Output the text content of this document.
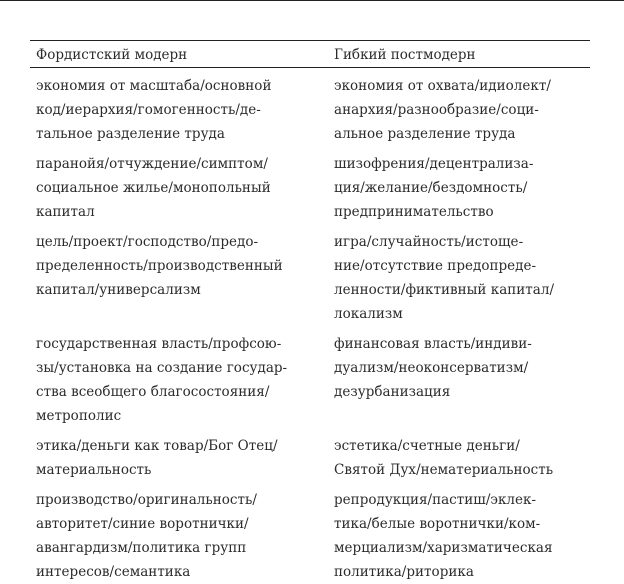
Фордистский модерн	Гибкий постмодерн
экономия от масштаба/основной
код/иерархия/гомогенность/де-
тальное разделение труда
экономия от охвата/идиолект/
анархия/разнообразие/соци-
альное разделение труда
паранойя/отчуждение/симптом/
социальное жилье/монопольный
капитал
шизофрения/децентрализа-
ция/желание/бездомность/
предпринимательство
цель/проект/господство/предо-
пределенность/производственный
капитал/универсализм
игра/случайность/истоще-
ние/отсутствие предопреде-
ленности/фиктивный капитал/
локализм
государственная власть/профсою-
зы/установка на создание государ-
ства всеобщего благосостояния/
метрополис
финансовая власть/индиви-
дуализм/неоконсерватизм/
дезурбанизация
этика/деньги как товар/Бог Отец/
материальность
эстетика/счетные деньги/
Святой Дух/нематериальность
производство/оригинальность/
авторитет/синие воротнички/
авангардизм/политика групп
интересов/семантика
репродукция/пастиш/эклек-
тика/белые воротнички/ком-
мерциализм/харизматическая
политика/риторика
